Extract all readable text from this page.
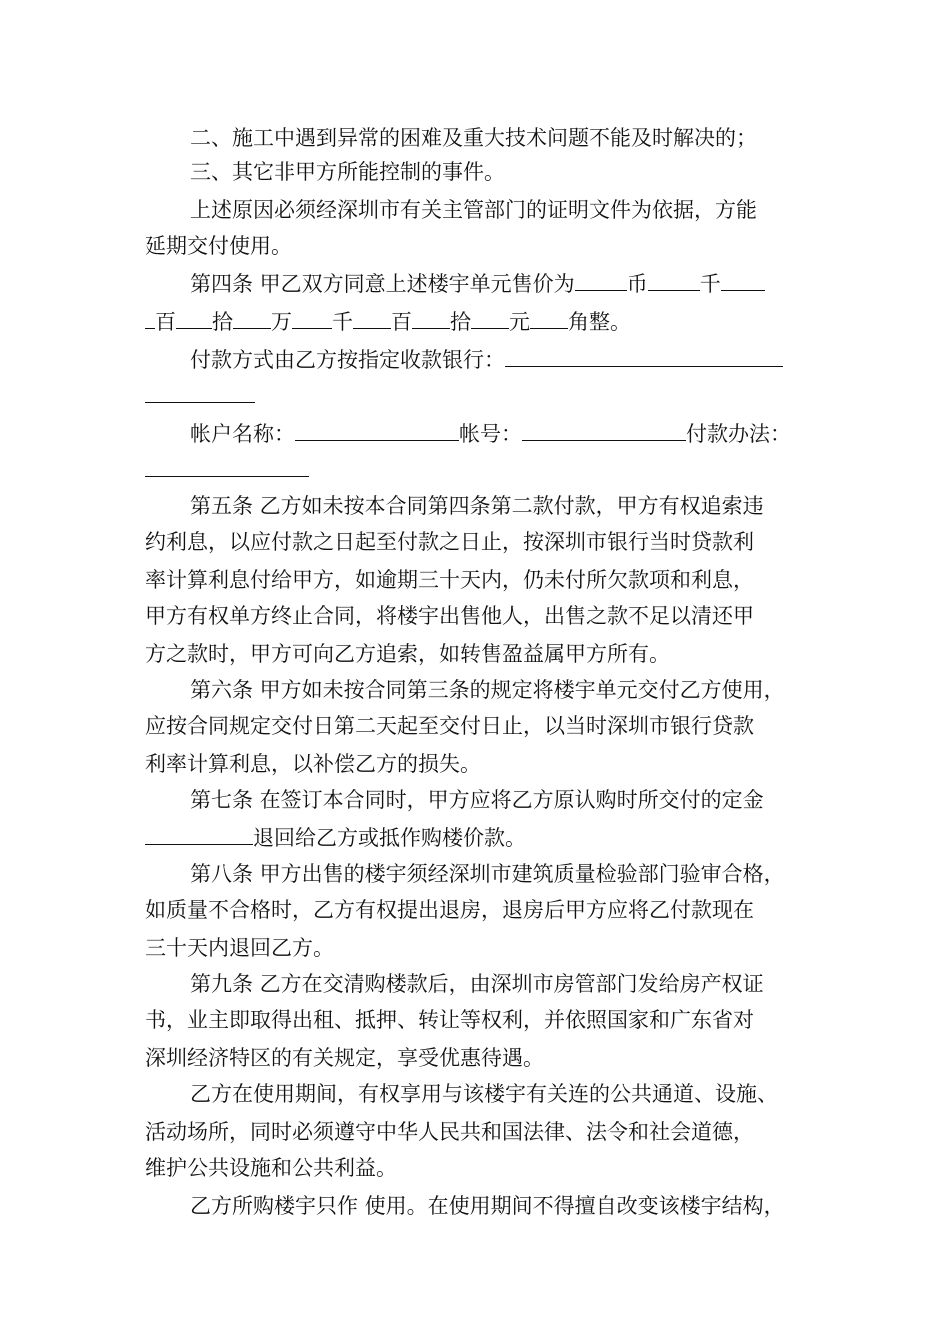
二、施工中遇到异常的困难及重大技术问题不能及时解决的；
三、其它非甲方所能控制的事件。
上述原因必须经深圳市有关主管部门的证明文件为依据，方能
延期交付使用。
第四条 甲乙双方同意上述楼宇单元售价为 币 千
百 拾 万 千 百 拾 元 角整。
付款方式由乙方按指定收款银行：
帐户名称：	帐号：	付款办法：
第五条 乙方如未按本合同第四条第二款付款，甲方有权追索违
约利息，以应付款之日起至付款之日止，按深圳市银行当时贷款利
率计算利息付给甲方，如逾期三十天内，仍未付所欠款项和利息，
甲方有权单方终止合同，将楼宇出售他人，出售之款不足以清还甲
方之款时，甲方可向乙方追索，如转售盈益属甲方所有。
第六条 甲方如未按合同第三条的规定将楼宇单元交付乙方使用，
应按合同规定交付日第二天起至交付日止，以当时深圳市银行贷款
利率计算利息，以补偿乙方的损失。
第七条 在签订本合同时，甲方应将乙方原认购时所交付的定金
退回给乙方或抵作购楼价款。
第八条 甲方出售的楼宇须经深圳市建筑质量检验部门验审合格，
如质量不合格时，乙方有权提出退房，退房后甲方应将乙付款现在
三十天内退回乙方。
第九条 乙方在交清购楼款后，由深圳市房管部门发给房产权证
书，业主即取得出租、抵押、转让等权利，并依照国家和广东省对
深圳经济特区的有关规定，享受优惠待遇。
乙方在使用期间，有权享用与该楼宇有关连的公共通道、设施、
活动场所，同时必须遵守中华人民共和国法律、法令和社会道德，
维护公共设施和公共利益。
乙方所购楼宇只作 使用。在使用期间不得擅自改变该楼宇结构，
